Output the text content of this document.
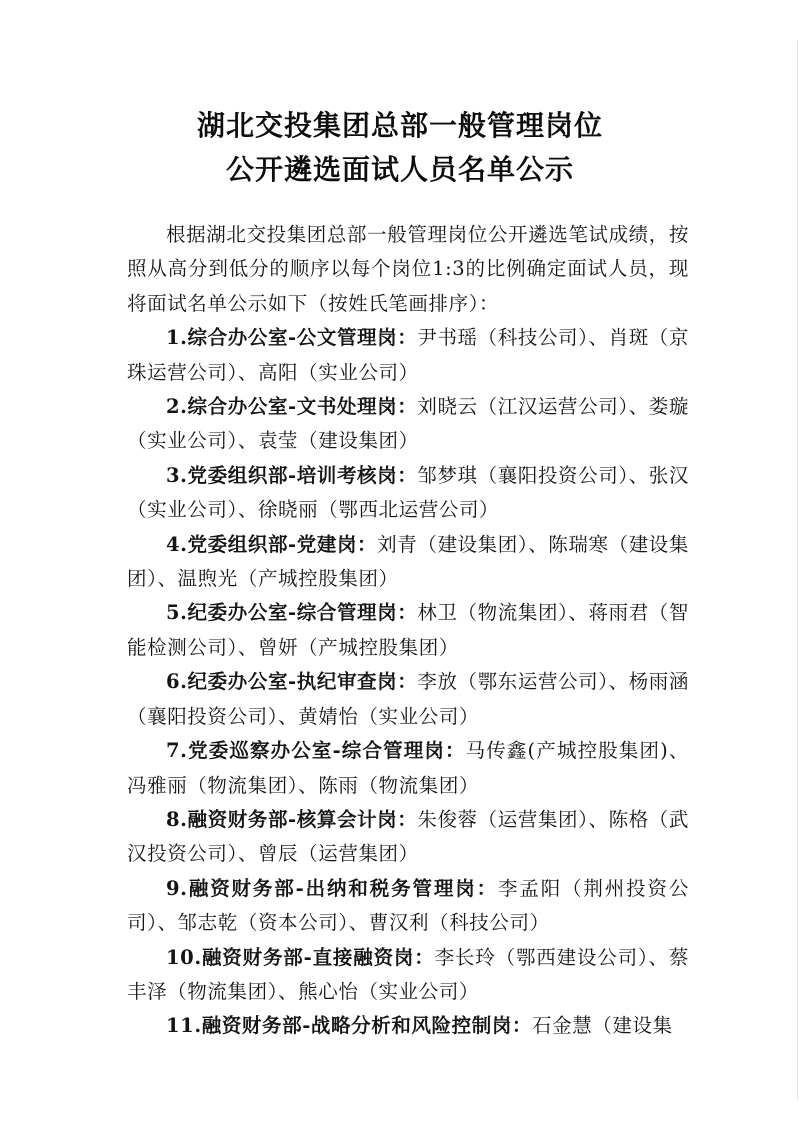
湖北交投集团总部一般管理岗位
公开遴选面试人员名单公示

根据湖北交投集团总部一般管理岗位公开遴选笔试成绩，按照从高分到低分的顺序以每个岗位1:3的比例确定面试人员，现将面试名单公示如下（按姓氏笔画排序）：

1.综合办公室-公文管理岗：尹书瑶（科技公司）、肖斑（京珠运营公司）、高阳（实业公司）

2.综合办公室-文书处理岗：刘晓云（江汉运营公司）、娄璇（实业公司）、袁莹（建设集团）

3.党委组织部-培训考核岗：邹梦琪（襄阳投资公司）、张汉（实业公司）、徐晓丽（鄂西北运营公司）

4.党委组织部-党建岗：刘青（建设集团）、陈瑞寒（建设集团）、温煦光（产城控股集团）

5.纪委办公室-综合管理岗：林卫（物流集团）、蒋雨君（智能检测公司）、曾妍（产城控股集团）

6.纪委办公室-执纪审查岗：李放（鄂东运营公司）、杨雨涵（襄阳投资公司）、黄婧怡（实业公司）

7.党委巡察办公室-综合管理岗：马传鑫(产城控股集团)、冯雅丽（物流集团）、陈雨（物流集团）

8.融资财务部-核算会计岗：朱俊蓉（运营集团）、陈格（武汉投资公司）、曾辰（运营集团）

9.融资财务部-出纳和税务管理岗：李孟阳（荆州投资公司）、邹志乾（资本公司）、曹汉利（科技公司）

10.融资财务部-直接融资岗：李长玲（鄂西建设公司）、蔡丰泽（物流集团）、熊心怡（实业公司）

11.融资财务部-战略分析和风险控制岗：石金慧（建设集
